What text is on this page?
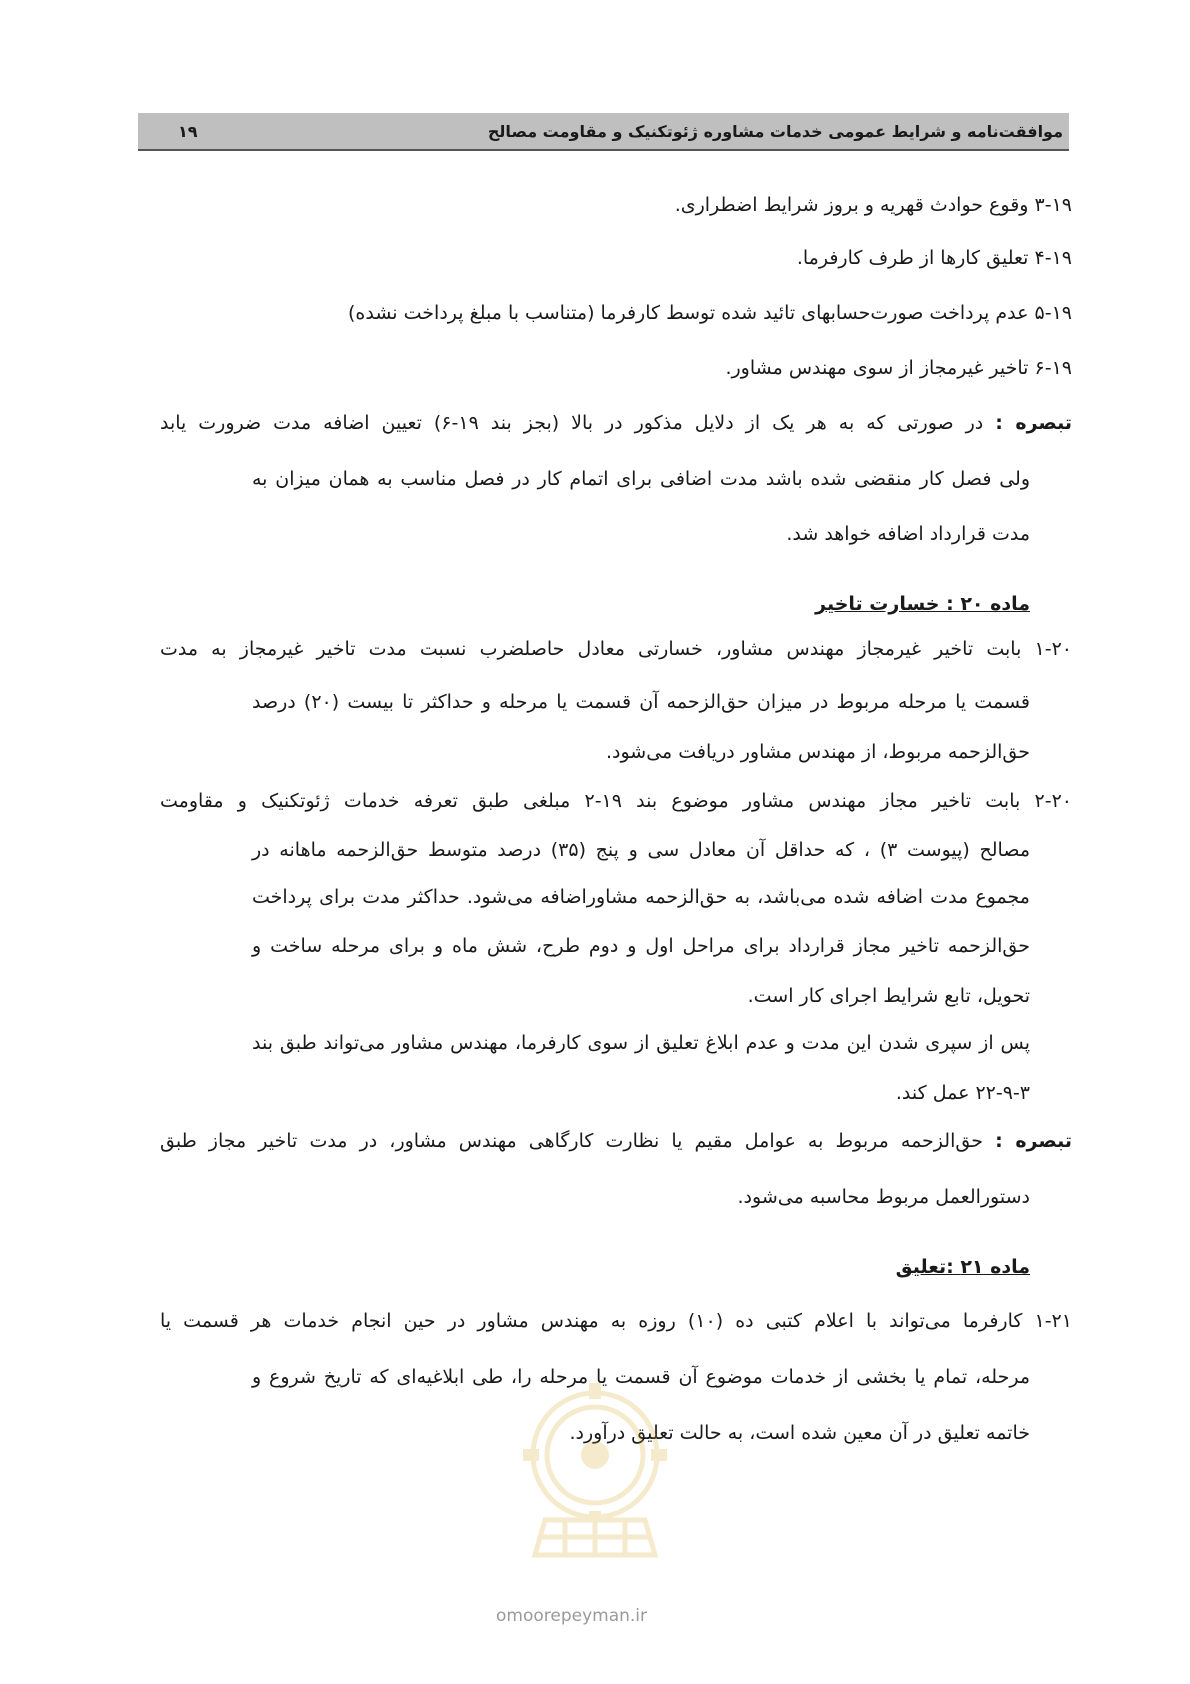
موافقت‌نامه و شرایط عمومی خدمات مشاوره ژئوتکنیک و مقاومت مصالح
۱۹
۳-۱۹ وقوع حوادث قهریه و بروز شرایط اضطراری.
۴-۱۹ تعلیق کارها از طرف کارفرما.
۵-۱۹ عدم پرداخت صورت‌حسابهای تائید شده توسط کارفرما (متناسب با مبلغ پرداخت نشده)
۶-۱۹ تاخیر غیرمجاز از سوی مهندس مشاور.
تبصره : در صورتی که به هر یک از دلایل مذکور در بالا (بجز بند ۱۹-۶) تعیین اضافه مدت ضرورت یابد
ولی فصل کار منقضی شده باشد مدت اضافی برای اتمام کار در فصل مناسب به همان میزان به
مدت قرارداد اضافه خواهد شد.
ماده ۲۰ : خسارت تاخیر
۱-۲۰ بابت تاخیر غیرمجاز مهندس مشاور، خسارتی معادل حاصلضرب نسبت مدت تاخیر غیرمجاز به مدت
قسمت یا مرحله مربوط در میزان حق‌الزحمه آن قسمت یا مرحله و حداکثر تا بیست (۲۰) درصد
حق‌الزحمه مربوط، از مهندس مشاور دریافت می‌شود.
۲-۲۰ بابت تاخیر مجاز مهندس مشاور موضوع بند ۱۹-۲ مبلغی طبق تعرفه خدمات ژئوتکنیک و مقاومت
مصالح (پیوست ۳) ، که حداقل آن معادل سی و پنج (۳۵) درصد متوسط حق‌الزحمه ماهانه در
مجموع مدت اضافه شده می‌باشد، به حق‌الزحمه مشاوراضافه می‌شود. حداکثر مدت برای پرداخت
حق‌الزحمه تاخیر مجاز قرارداد برای مراحل اول و دوم طرح، شش ماه و برای مرحله ساخت و
تحویل، تابع شرایط اجرای کار است.
پس از سپری شدن این مدت و عدم ابلاغ تعلیق از سوی کارفرما، مهندس مشاور می‌تواند طبق بند
۲۲-۹-۳ عمل کند.
تبصره : حق‌الزحمه مربوط به عوامل مقیم یا نظارت کارگاهی مهندس مشاور، در مدت تاخیر مجاز طبق
دستورالعمل مربوط محاسبه می‌شود.
ماده ۲۱ :تعلیق
۱-۲۱ کارفرما می‌تواند با اعلام کتبی ده (۱۰) روزه به مهندس مشاور در حین انجام خدمات هر قسمت یا
مرحله، تمام یا بخشی از خدمات موضوع آن قسمت یا مرحله را، طی ابلاغیه‌ای که تاریخ شروع و
خاتمه تعلیق در آن معین شده است، به حالت تعلیق درآورد.
omoorepeyman.ir
